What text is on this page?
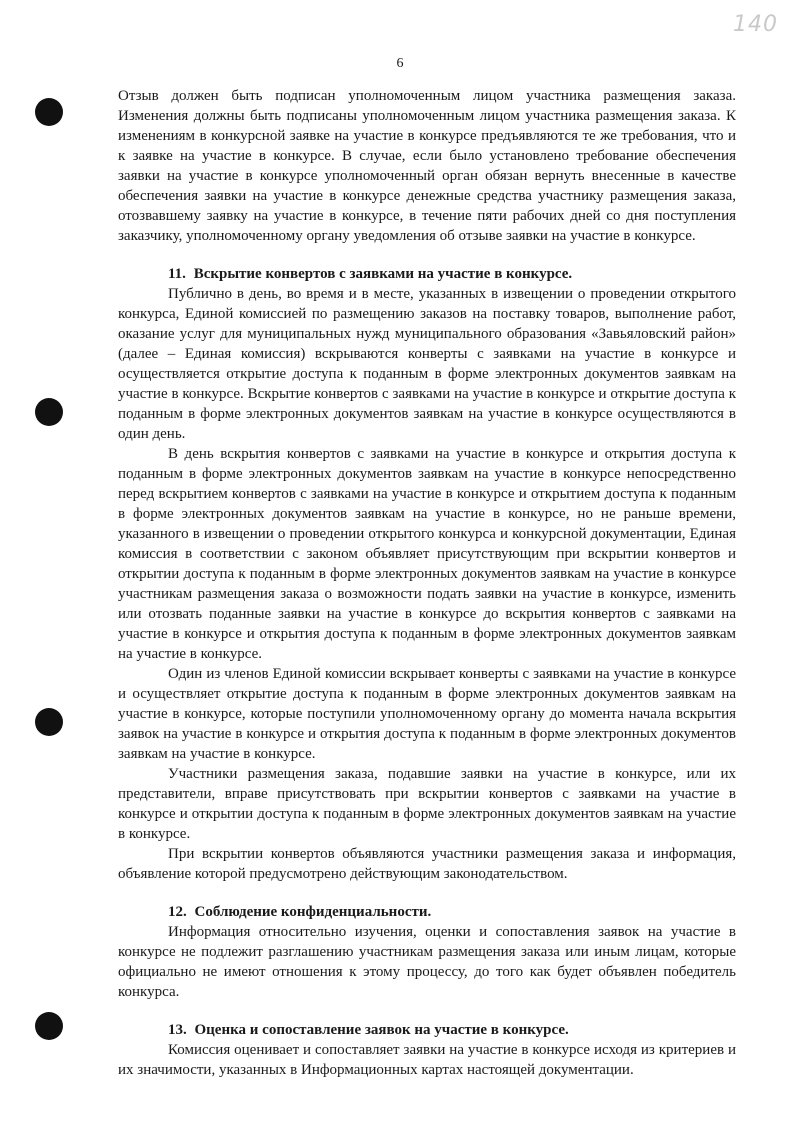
140
6

Отзыв должен быть подписан уполномоченным лицом участника размещения заказа. Изменения должны быть подписаны уполномоченным лицом участника размещения заказа. К изменениям в конкурсной заявке на участие в конкурсе предъявляются те же требования, что и к заявке на участие в конкурсе. В случае, если было установлено требование обеспечения заявки на участие в конкурсе уполномоченный орган обязан вернуть внесенные в качестве обеспечения заявки на участие в конкурсе денежные средства участнику размещения заказа, отозвавшему заявку на участие в конкурсе, в течение пяти рабочих дней со дня поступления заказчику, уполномоченному органу уведомления об отзыве заявки на участие в конкурсе.

11. Вскрытие конвертов с заявками на участие в конкурсе.

Публично в день, во время и в месте, указанных в извещении о проведении открытого конкурса, Единой комиссией по размещению заказов на поставку товаров, выполнение работ, оказание услуг для муниципальных нужд муниципального образования «Завьяловский район» (далее – Единая комиссия) вскрываются конверты с заявками на участие в конкурсе и осуществляется открытие доступа к поданным в форме электронных документов заявкам на участие в конкурсе. Вскрытие конвертов с заявками на участие в конкурсе и открытие доступа к поданным в форме электронных документов заявкам на участие в конкурсе осуществляются в один день.

В день вскрытия конвертов с заявками на участие в конкурсе и открытия доступа к поданным в форме электронных документов заявкам на участие в конкурсе непосредственно перед вскрытием конвертов с заявками на участие в конкурсе и открытием доступа к поданным в форме электронных документов заявкам на участие в конкурсе, но не раньше времени, указанного в извещении о проведении открытого конкурса и конкурсной документации, Единая комиссия в соответствии с законом объявляет присутствующим при вскрытии конвертов и открытии доступа к поданным в форме электронных документов заявкам на участие в конкурсе участникам размещения заказа о возможности подать заявки на участие в конкурсе, изменить или отозвать поданные заявки на участие в конкурсе до вскрытия конвертов с заявками на участие в конкурсе и открытия доступа к поданным в форме электронных документов заявкам на участие в конкурсе.

Один из членов Единой комиссии вскрывает конверты с заявками на участие в конкурсе и осуществляет открытие доступа к поданным в форме электронных документов заявкам на участие в конкурсе, которые поступили уполномоченному органу до момента начала вскрытия заявок на участие в конкурсе и открытия доступа к поданным в форме электронных документов заявкам на участие в конкурсе.

Участники размещения заказа, подавшие заявки на участие в конкурсе, или их представители, вправе присутствовать при вскрытии конвертов с заявками на участие в конкурсе и открытии доступа к поданным в форме электронных документов заявкам на участие в конкурсе.

При вскрытии конвертов объявляются участники размещения заказа и информация, объявление которой предусмотрено действующим законодательством.

12. Соблюдение конфиденциальности.

Информация относительно изучения, оценки и сопоставления заявок на участие в конкурсе не подлежит разглашению участникам размещения заказа или иным лицам, которые официально не имеют отношения к этому процессу, до того как будет объявлен победитель конкурса.

13. Оценка и сопоставление заявок на участие в конкурсе.

Комиссия оценивает и сопоставляет заявки на участие в конкурсе исходя из критериев и их значимости, указанных в Информационных картах настоящей документации.
